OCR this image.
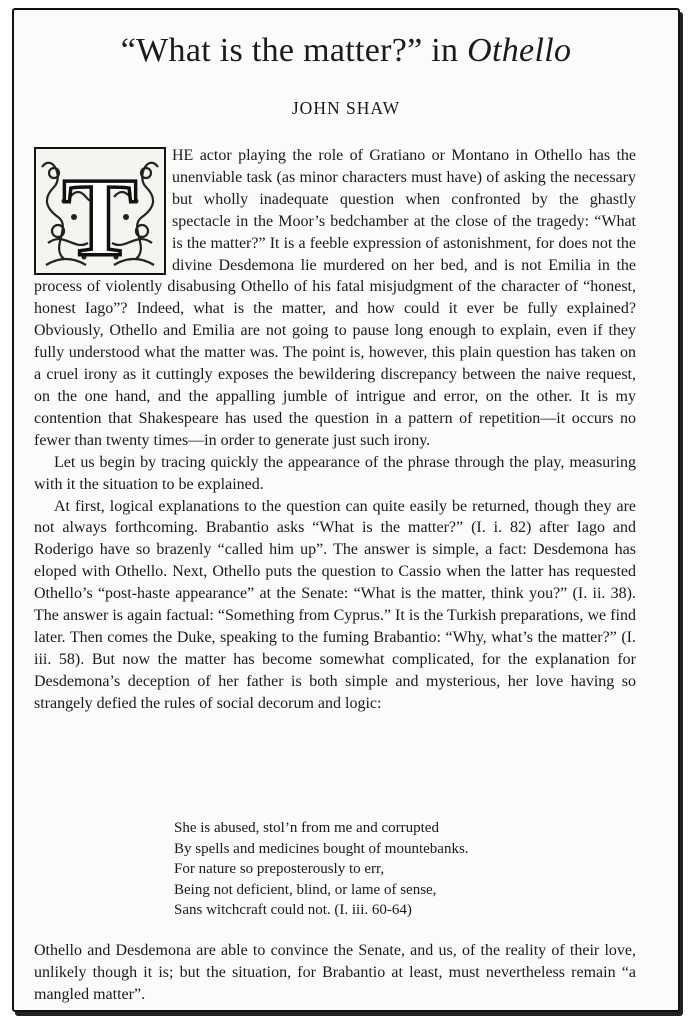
“What is the matter?” in Othello
JOHN SHAW

T
HE actor playing the role of Gratiano or Montano in Othello has the unenviable task (as minor characters must have) of asking the necessary but wholly inadequate question when confronted by the ghastly spectacle in the Moor’s bedchamber at the close of the tragedy: “What is the matter?” It is a feeble expression of astonishment, for does not the divine Desdemona lie murdered on her bed, and is not Emilia in the process of violently disabusing Othello of his fatal misjudgment of the character of “honest, honest Iago”? Indeed, what is the matter, and how could it ever be fully explained? Obviously, Othello and Emilia are not going to pause long enough to explain, even if they fully understood what the matter was. The point is, however, this plain question has taken on a cruel irony as it cuttingly exposes the bewildering discrepancy between the naive request, on the one hand, and the appalling jumble of intrigue and error, on the other. It is my contention that Shakespeare has used the question in a pattern of repetition—it occurs no fewer than twenty times—in order to generate just such irony.

Let us begin by tracing quickly the appearance of the phrase through the play, measuring with it the situation to be explained.

At first, logical explanations to the question can quite easily be returned, though they are not always forthcoming. Brabantio asks “What is the matter?” (I. i. 82) after Iago and Roderigo have so brazenly “called him up”. The answer is simple, a fact: Desdemona has eloped with Othello. Next, Othello puts the question to Cassio when the latter has requested Othello’s “post-haste appearance” at the Senate: “What is the matter, think you?” (I. ii. 38). The answer is again factual: “Something from Cyprus.” It is the Turkish preparations, we find later. Then comes the Duke, speaking to the fuming Brabantio: “Why, what’s the matter?” (I. iii. 58). But now the matter has become somewhat complicated, for the explanation for Desdemona’s deception of her father is both simple and mysterious, her love having so strangely defied the rules of social decorum and logic:

She is abused, stol’n from me and corrupted
By spells and medicines bought of mountebanks.
For nature so preposterously to err,
Being not deficient, blind, or lame of sense,
Sans witchcraft could not. (I. iii. 60-64)

Othello and Desdemona are able to convince the Senate, and us, of the reality of their love, unlikely though it is; but the situation, for Brabantio at least, must nevertheless remain “a mangled matter”.
